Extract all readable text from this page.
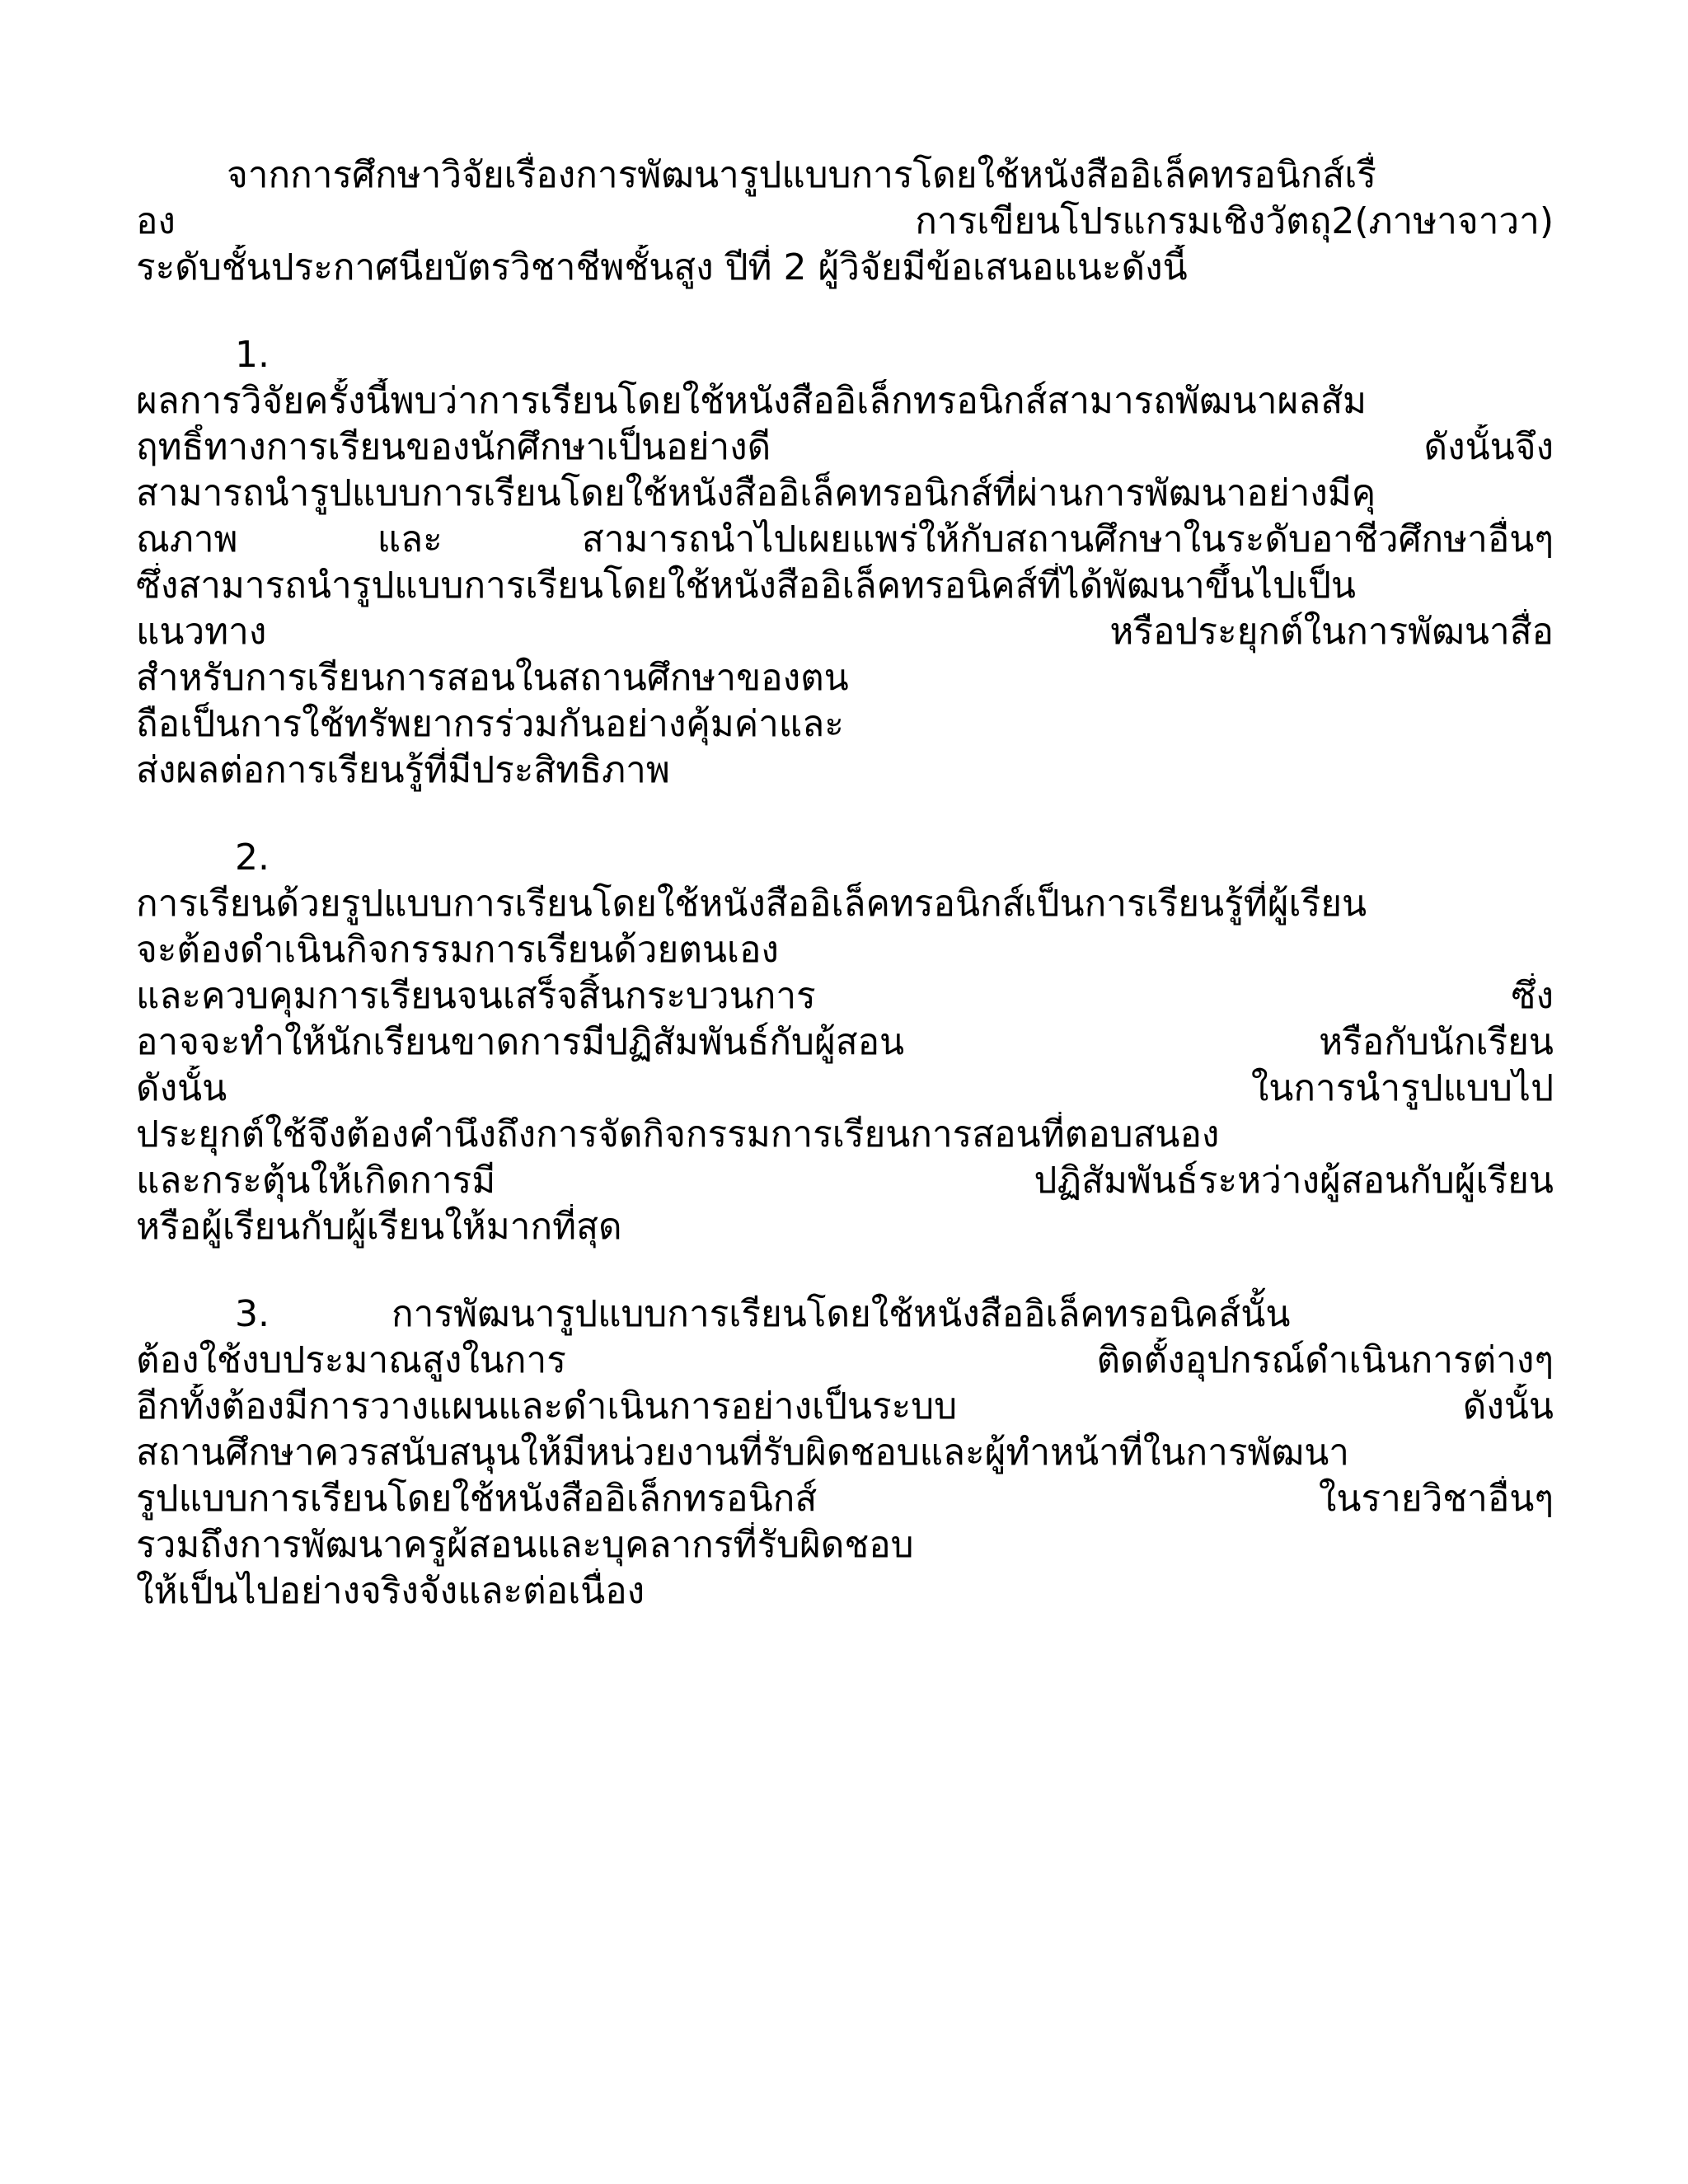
จากการศึกษาวิจัยเรื่องการพัฒนารูปแบบการโดยใช้หนังสืออิเล็คทรอนิกส์เรื่
อง การเขียนโปรแกรมเชิงวัตถุ2(ภาษาจาวา)
ระดับชั้นประกาศนียบัตรวิชาชีพชั้นสูง ปีที่ 2 ผู้วิจัยมีข้อเสนอแนะดังนี้
1.
ผลการวิจัยครั้งนี้พบว่าการเรียนโดยใช้หนังสืออิเล็กทรอนิกส์สามารถพัฒนาผลสัม
ฤทธิ์ทางการเรียนของนักศึกษาเป็นอย่างดี ดังนั้นจึง
สามารถนำรูปแบบการเรียนโดยใช้หนังสืออิเล็คทรอนิกส์ที่ผ่านการพัฒนาอย่างมีคุ
ณภาพ และ สามารถนำไปเผยแพร่ให้กับสถานศึกษาในระดับอาชีวศึกษาอื่นๆ
ซึ่งสามารถนำรูปแบบการเรียนโดยใช้หนังสืออิเล็คทรอนิคส์ที่ได้พัฒนาขึ้นไปเป็น
แนวทาง หรือประยุกต์ในการพัฒนาสื่อ
สำหรับการเรียนการสอนในสถานศึกษาของตน
ถือเป็นการใช้ทรัพยากรร่วมกันอย่างคุ้มค่าและ
ส่งผลต่อการเรียนรู้ที่มีประสิทธิภาพ
2.
การเรียนด้วยรูปแบบการเรียนโดยใช้หนังสืออิเล็คทรอนิกส์เป็นการเรียนรู้ที่ผู้เรียน
จะต้องดำเนินกิจกรรมการเรียนด้วยตนเอง
และควบคุมการเรียนจนเสร็จสิ้นกระบวนการ ซึ่ง
อาจจะทำให้นักเรียนขาดการมีปฏิสัมพันธ์กับผู้สอน หรือกับนักเรียน
ดังนั้น ในการนำรูปแบบไป
ประยุกต์ใช้จึงต้องคำนึงถึงการจัดกิจกรรมการเรียนการสอนที่ตอบสนอง
และกระตุ้นให้เกิดการมี ปฏิสัมพันธ์ระหว่างผู้สอนกับผู้เรียน
หรือผู้เรียนกับผู้เรียนให้มากที่สุด
3.	การพัฒนารูปแบบการเรียนโดยใช้หนังสืออิเล็คทรอนิคส์นั้น
ต้องใช้งบประมาณสูงในการ ติดตั้งอุปกรณ์ดำเนินการต่างๆ
อีกทั้งต้องมีการวางแผนและดำเนินการอย่างเป็นระบบ ดังนั้น
สถานศึกษาควรสนับสนุนให้มีหน่วยงานที่รับผิดชอบและผู้ทำหน้าที่ในการพัฒนา
รูปแบบการเรียนโดยใช้หนังสืออิเล็กทรอนิกส์ ในรายวิชาอื่นๆ
รวมถึงการพัฒนาครูผ้สอนและบุคลากรที่รับผิดชอบ
ให้เป็นไปอย่างจริงจังและต่อเนื่อง
